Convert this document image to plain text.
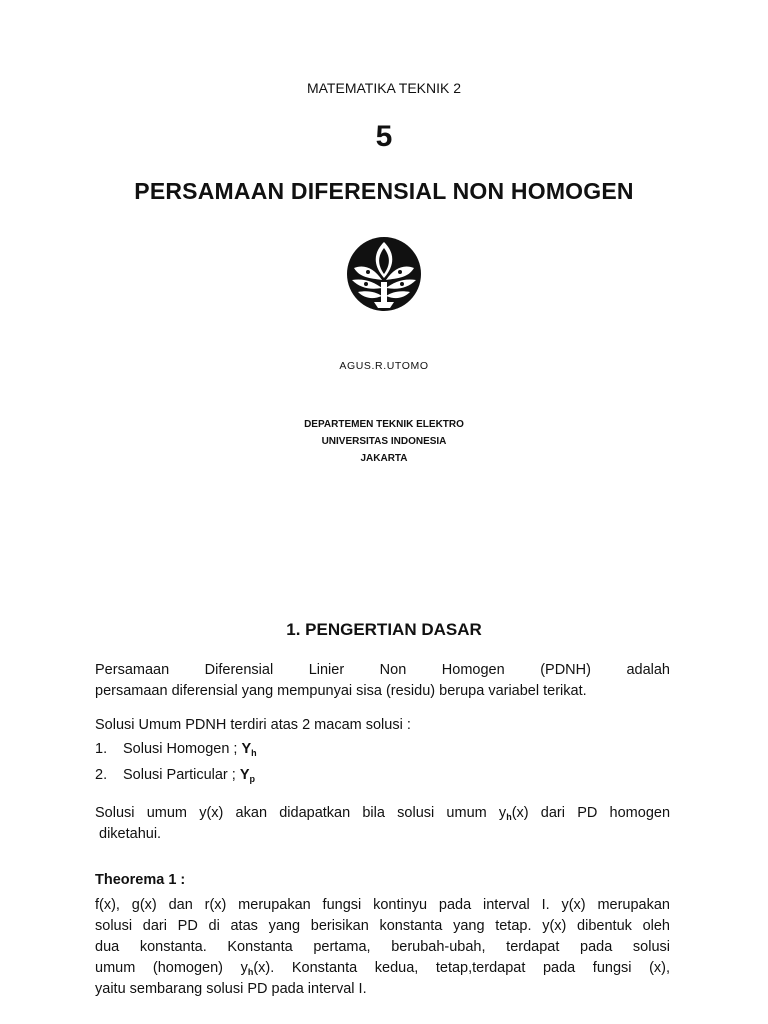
MATEMATIKA TEKNIK 2
5
PERSAMAAN DIFERENSIAL NON HOMOGEN
AGUS.R.UTOMO
DEPARTEMEN TEKNIK ELEKTRO
UNIVERSITAS INDONESIA
JAKARTA
1. PENGERTIAN DASAR
Persamaan Diferensial Linier Non Homogen (PDNH) adalah
persamaan diferensial yang mempunyai sisa (residu) berupa variabel terikat.
Solusi Umum PDNH terdiri atas 2 macam solusi :
1. Solusi Homogen ; $Y_h$
2. Solusi Particular ; $Y_p$
Solusi umum y(x) akan didapatkan bila solusi umum $y_h(x)$ dari PD homogen
diketahui.
Theorema 1 :
f(x), g(x) dan r(x) merupakan fungsi kontinyu pada interval I. y(x) merupakan
solusi dari PD di atas yang berisikan konstanta yang tetap. y(x) dibentuk oleh
dua konstanta. Konstanta pertama, berubah-ubah, terdapat pada solusi
umum (homogen) $y_h(x)$. Konstanta kedua, tetap,terdapat pada fungsi (x),
yaitu sembarang solusi PD pada interval I.
